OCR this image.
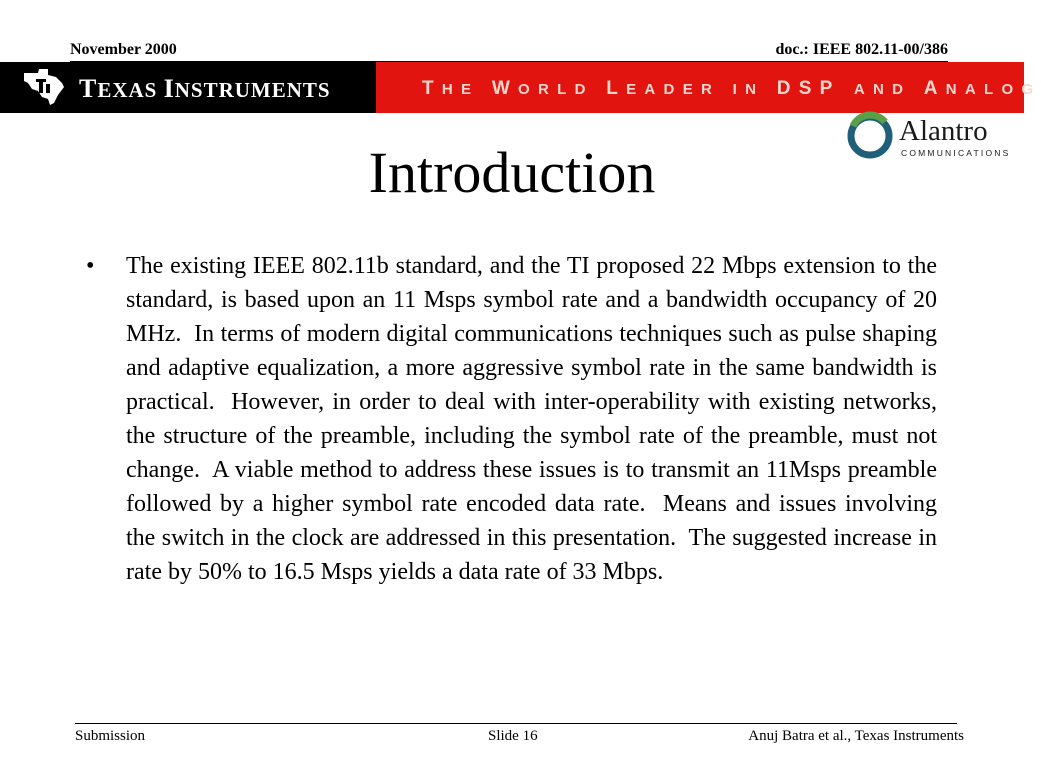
November 2000	doc.: IEEE 802.11-00/386
TEXAS INSTRUMENTS	THE WORLD LEADER IN DSP AND ANALOG
Alantro
COMMUNICATIONS
Introduction
• The existing IEEE 802.11b standard, and the TI proposed 22 Mbps extension to the standard, is based upon an 11 Msps symbol rate and a bandwidth occupancy of 20 MHz.  In terms of modern digital communications techniques such as pulse shaping and adaptive equalization, a more aggressive symbol rate in the same bandwidth is practical.  However, in order to deal with inter-operability with existing networks, the structure of the preamble, including the symbol rate of the preamble, must not change.  A viable method to address these issues is to transmit an 11Msps preamble followed by a higher symbol rate encoded data rate.  Means and issues involving the switch in the clock are addressed in this presentation.  The suggested increase in rate by 50% to 16.5 Msps yields a data rate of 33 Mbps.
Submission	Slide 16	Anuj Batra et al., Texas Instruments
